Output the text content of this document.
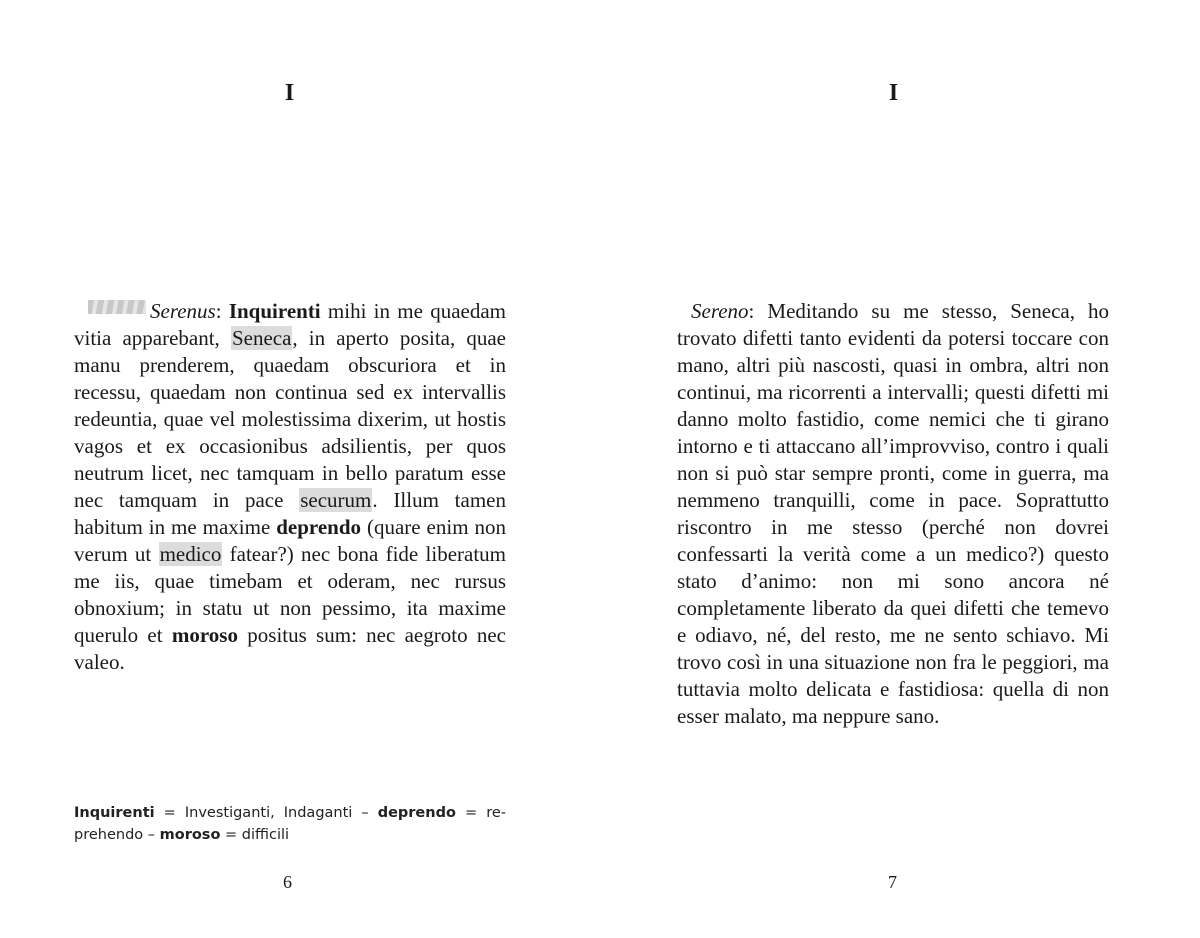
I

Serenus: Inquirenti mihi in me quaedam vitia apparebant, Seneca, in aperto posita, quae manu prenderem, quaedam obscuriora et in recessu, quaedam non continua sed ex intervallis redeuntia, quae vel molestissima dixerim, ut hostis vagos et ex occasionibus adsilientis, per quos neutrum licet, nec tamquam in bello paratum esse nec tamquam in pace securum. Illum tamen habitum in me maxime deprendo (quare enim non verum ut medico fatear?) nec bona fide liberatum me iis, quae timebam et oderam, nec rursus obnoxium; in statu ut non pessimo, ita maxime querulo et moroso positus sum: nec aegroto nec valeo.

Inquirenti = Investiganti, Indaganti – deprendo = reprehendo – moroso = difficili
6
I

Sereno: Meditando su me stesso, Seneca, ho trovato difetti tanto evidenti da potersi toccare con mano, altri più nascosti, quasi in ombra, altri non continui, ma ricorrenti a intervalli; questi difetti mi danno molto fastidio, come nemici che ti girano intorno e ti attaccano all’improvviso, contro i quali non si può star sempre pronti, come in guerra, ma nemmeno tranquilli, come in pace. Soprattutto riscontro in me stesso (perché non dovrei confessarti la verità come a un medico?) questo stato d’animo: non mi sono ancora né completamente liberato da quei difetti che temevo e odiavo, né, del resto, me ne sento schiavo. Mi trovo così in una situazione non fra le peggiori, ma tuttavia molto delicata e fastidiosa: quella di non esser malato, ma neppure sano.

7
